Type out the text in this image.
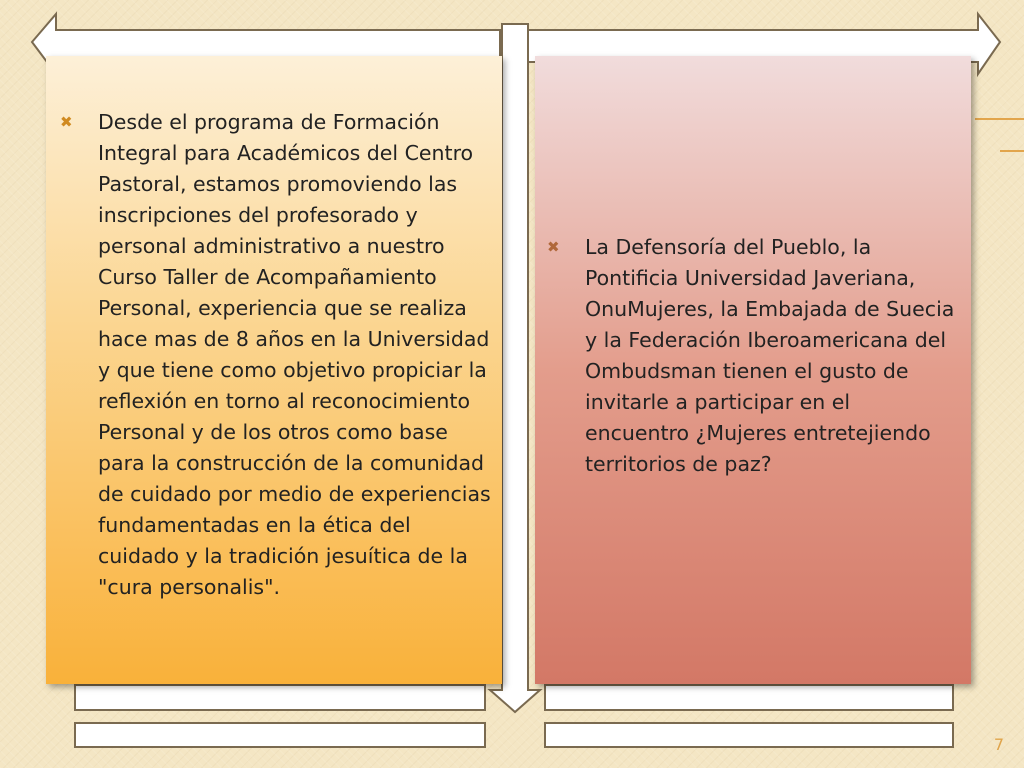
✖ Desde el programa de Formación Integral para Académicos del Centro Pastoral, estamos promoviendo las inscripciones del profesorado y personal administrativo a nuestro Curso Taller de Acompañamiento Personal, experiencia que se realiza hace mas de 8 años en la Universidad y que tiene como objetivo propiciar la reflexión en torno al reconocimiento Personal y de los otros como base para la construcción de la comunidad de cuidado por medio de experiencias fundamentadas en la ética del cuidado y la tradición jesuítica de la "cura personalis".
✖ La Defensoría del Pueblo, la Pontificia Universidad Javeriana, OnuMujeres, la Embajada de Suecia y la Federación Iberoamericana del Ombudsman tienen el gusto de invitarle a participar en el encuentro ¿Mujeres entretejiendo territorios de paz?
7
